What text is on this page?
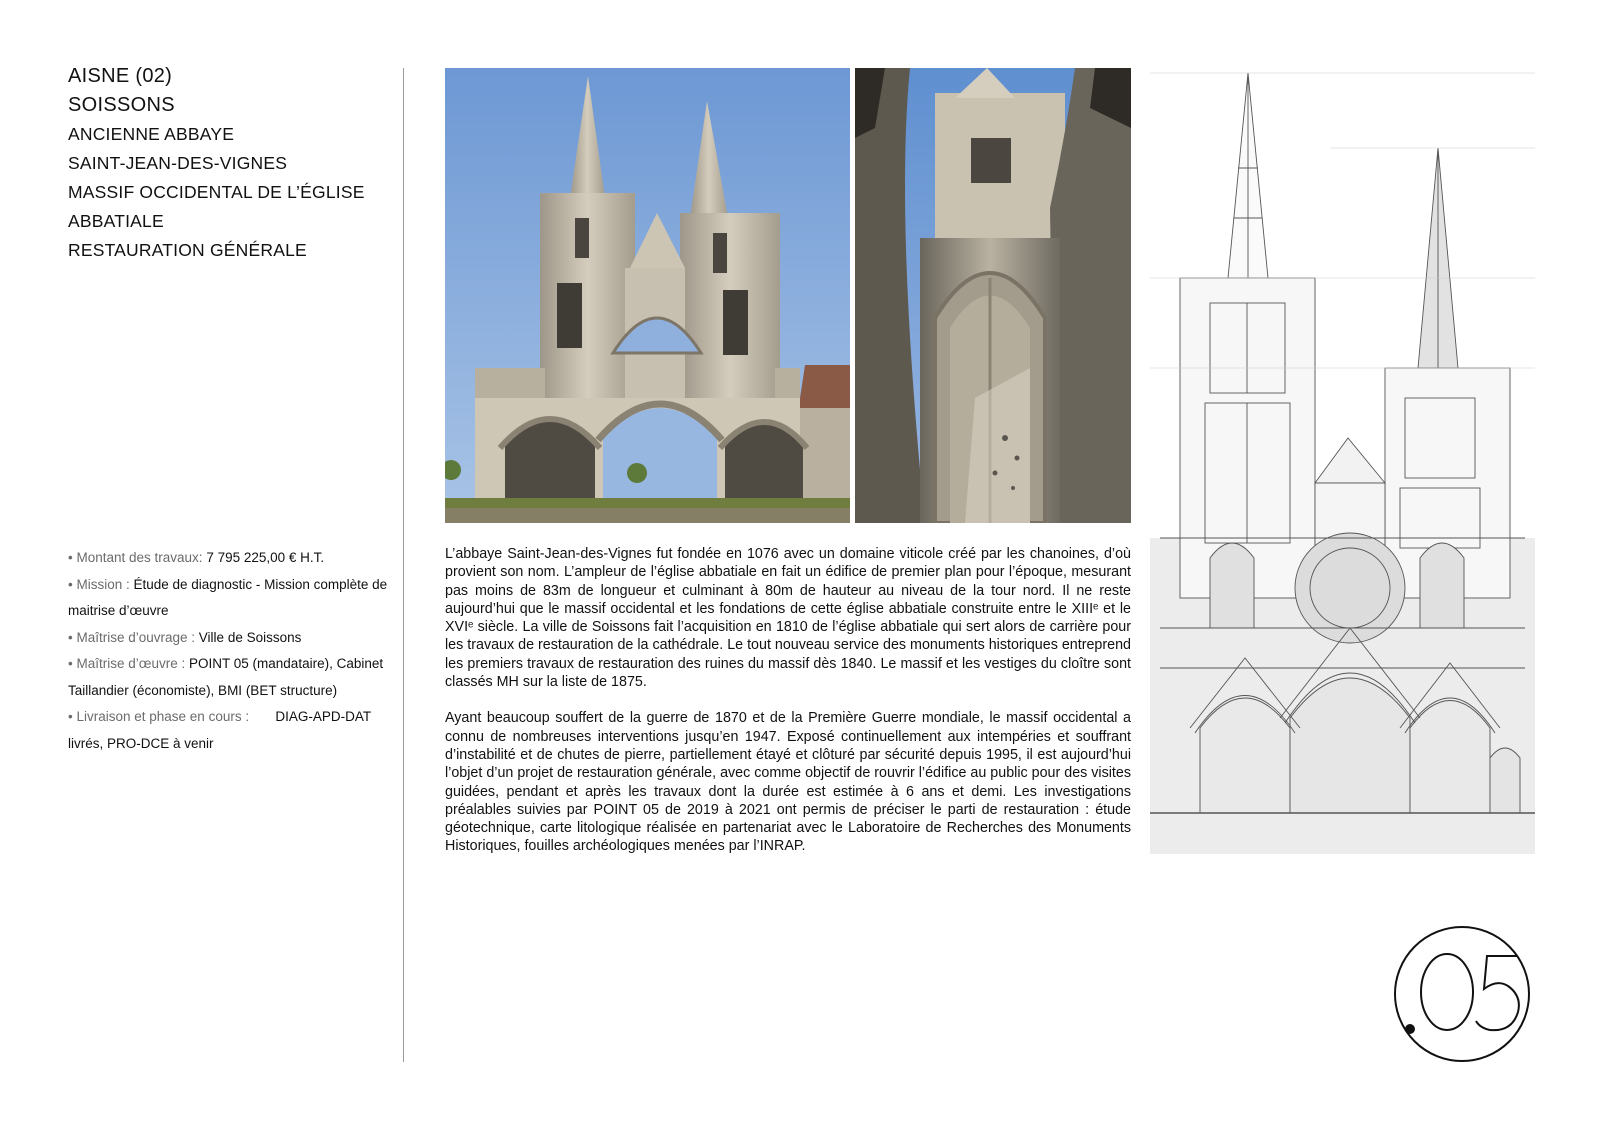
AISNE (02)
SOISSONS
ANCIENNE ABBAYE
SAINT-JEAN-DES-VIGNES
MASSIF OCCIDENTAL DE L’ÉGLISE
ABBATIALE
RESTAURATION GÉNÉRALE
• Montant des travaux: 7 795 225,00 € H.T.
• Mission : Étude de diagnostic - Mission complète de maitrise d’œuvre
• Maîtrise d’ouvrage : Ville de Soissons
• Maîtrise d’œuvre : POINT 05 (mandataire), Cabinet Taillandier (économiste), BMI (BET structure)
• Livraison et phase en cours :       DIAG-APD-DAT livrés, PRO-DCE à venir

L’abbaye Saint-Jean-des-Vignes fut fondée en 1076 avec un domaine viticole créé par les chanoines, d’où provient son nom. L’ampleur de l’église abbatiale en fait un édifice de premier plan pour l’époque, mesurant pas moins de 83m de longueur et culminant à 80m de hauteur au niveau de la tour nord. Il ne reste aujourd’hui que le massif occidental et les fondations de cette église abbatiale construite entre le XIIIᵉ et le XVIᵉ siècle. La ville de Soissons fait l’acquisition en 1810 de l’église abbatiale qui sert alors de carrière pour les travaux de restauration de la cathédrale. Le tout nouveau service des monuments historiques entreprend les premiers travaux de restauration des ruines du massif dès 1840. Le massif et les vestiges du cloître sont classés MH sur la liste de 1875.

Ayant beaucoup souffert de la guerre de 1870 et de la Première Guerre mondiale, le massif occidental a connu de nombreuses interventions jusqu’en 1947. Exposé continuellement aux intempéries et souffrant d’instabilité et de chutes de pierre, partiellement étayé et clôturé par sécurité depuis 1995, il est aujourd’hui l’objet d’un projet de restauration générale, avec comme objectif de rouvrir l’édifice au public pour des visites guidées, pendant et après les travaux dont la durée est estimée à 6 ans et demi. Les investigations préalables suivies par POINT 05 de 2019 à 2021 ont permis de préciser le parti de restauration : étude géotechnique, carte litologique réalisée en partenariat avec le Laboratoire de Recherches des Monuments Historiques, fouilles archéologiques menées par l’INRAP.
